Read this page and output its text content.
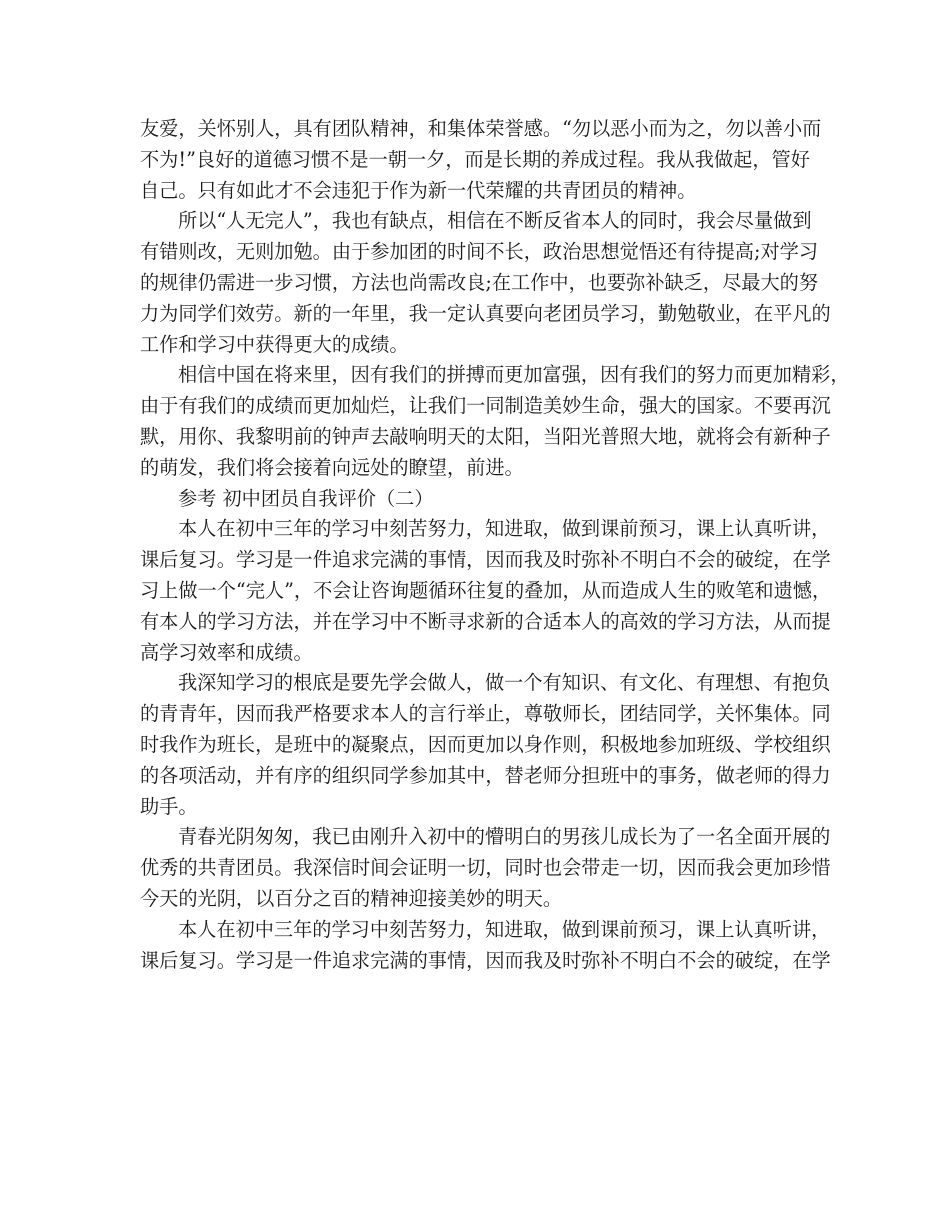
友爱，关怀别人，具有团队精神，和集体荣誉感。“勿以恶小而为之，勿以善小而
不为!”良好的道德习惯不是一朝一夕，而是长期的养成过程。我从我做起，管好
自己。只有如此才不会违犯于作为新一代荣耀的共青团员的精神。
所以“人无完人”，我也有缺点，相信在不断反省本人的同时，我会尽量做到
有错则改，无则加勉。由于参加团的时间不长，政治思想觉悟还有待提高;对学习
的规律仍需进一步习惯，方法也尚需改良;在工作中，也要弥补缺乏，尽最大的努
力为同学们效劳。新的一年里，我一定认真要向老团员学习，勤勉敬业，在平凡的
工作和学习中获得更大的成绩。
相信中国在将来里，因有我们的拼搏而更加富强，因有我们的努力而更加精彩，
由于有我们的成绩而更加灿烂，让我们一同制造美妙生命，强大的国家。不要再沉
默，用你、我黎明前的钟声去敲响明天的太阳，当阳光普照大地，就将会有新种子
的萌发，我们将会接着向远处的瞭望，前进。
参考 初中团员自我评价（二）
本人在初中三年的学习中刻苦努力，知进取，做到课前预习，课上认真听讲，
课后复习。学习是一件追求完满的事情，因而我及时弥补不明白不会的破绽，在学
习上做一个“完人”，不会让咨询题循环往复的叠加，从而造成人生的败笔和遗憾，
有本人的学习方法，并在学习中不断寻求新的合适本人的高效的学习方法，从而提
高学习效率和成绩。
我深知学习的根底是要先学会做人，做一个有知识、有文化、有理想、有抱负
的青青年，因而我严格要求本人的言行举止，尊敬师长，团结同学，关怀集体。同
时我作为班长，是班中的凝聚点，因而更加以身作则，积极地参加班级、学校组织
的各项活动，并有序的组织同学参加其中，替老师分担班中的事务，做老师的得力
助手。
青春光阴匆匆，我已由刚升入初中的懵明白的男孩儿成长为了一名全面开展的
优秀的共青团员。我深信时间会证明一切，同时也会带走一切，因而我会更加珍惜
今天的光阴，以百分之百的精神迎接美妙的明天。
本人在初中三年的学习中刻苦努力，知进取，做到课前预习，课上认真听讲，
课后复习。学习是一件追求完满的事情，因而我及时弥补不明白不会的破绽，在学
